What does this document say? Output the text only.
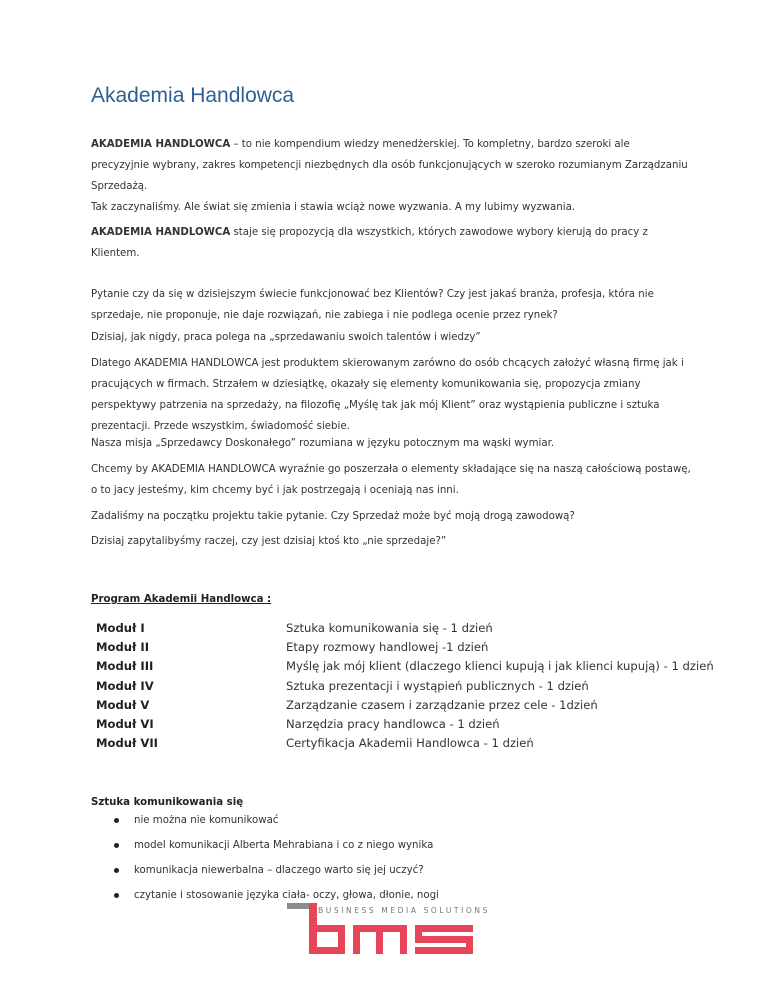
Akademia Handlowca

AKADEMIA HANDLOWCA – to nie kompendium wiedzy menedżerskiej. To kompletny, bardzo szeroki ale precyzyjnie wybrany, zakres kompetencji niezbędnych dla osób funkcjonujących w szeroko rozumianym Zarządzaniu Sprzedażą.

Tak zaczynaliśmy. Ale świat się zmienia i stawia wciąż nowe wyzwania. A my lubimy wyzwania.

AKADEMIA HANDLOWCA staje się propozycją dla wszystkich, których zawodowe wybory kierują do pracy z Klientem.

Pytanie czy da się w dzisiejszym świecie funkcjonować bez Klientów? Czy jest jakaś branża, profesja, która nie sprzedaje, nie proponuje, nie daje rozwiązań, nie zabiega i nie podlega ocenie przez rynek?

Dzisiaj, jak nigdy, praca polega na „sprzedawaniu swoich talentów i wiedzy”

Dlatego AKADEMIA HANDLOWCA jest produktem skierowanym zarówno do osób chcących założyć własną firmę jak i pracujących w firmach. Strzałem w dziesiątkę, okazały się elementy komunikowania się, propozycja zmiany perspektywy patrzenia na sprzedaży, na filozofię „Myślę tak jak mój Klient” oraz wystąpienia publiczne i sztuka prezentacji. Przede wszystkim, świadomość siebie.

Nasza misja „Sprzedawcy Doskonałego” rozumiana w języku potocznym ma wąski wymiar.

Chcemy by AKADEMIA HANDLOWCA wyraźnie go poszerzała o elementy składające się na naszą całościową postawę, o to jacy jesteśmy, kim chcemy być i jak postrzegają i oceniają nas inni.

Zadaliśmy na początku projektu takie pytanie. Czy Sprzedaż może być moją drogą zawodową?

Dzisiaj zapytalibyśmy raczej, czy jest dzisiaj ktoś kto „nie sprzedaje?”

Program Akademii Handlowca :

Moduł I	Sztuka komunikowania się - 1 dzień
Moduł II	Etapy rozmowy handlowej -1 dzień
Moduł III	Myślę jak mój klient (dlaczego klienci kupują i jak klienci kupują) - 1 dzień
Moduł IV	Sztuka prezentacji i wystąpień publicznych - 1 dzień
Moduł V	Zarządzanie czasem i zarządzanie przez cele - 1dzień
Moduł VI	Narzędzia pracy handlowca - 1 dzień
Moduł VII	Certyfikacja Akademii Handlowca - 1 dzień

Sztuka komunikowania się

nie można nie komunikować
model komunikacji Alberta Mehrabiana i co z niego wynika
komunikacja niewerbalna – dlaczego warto się jej uczyć?
czytanie i stosowanie języka ciała- oczy, głowa, dłonie, nogi
BUSINESS MEDIA SOLUTIONS
